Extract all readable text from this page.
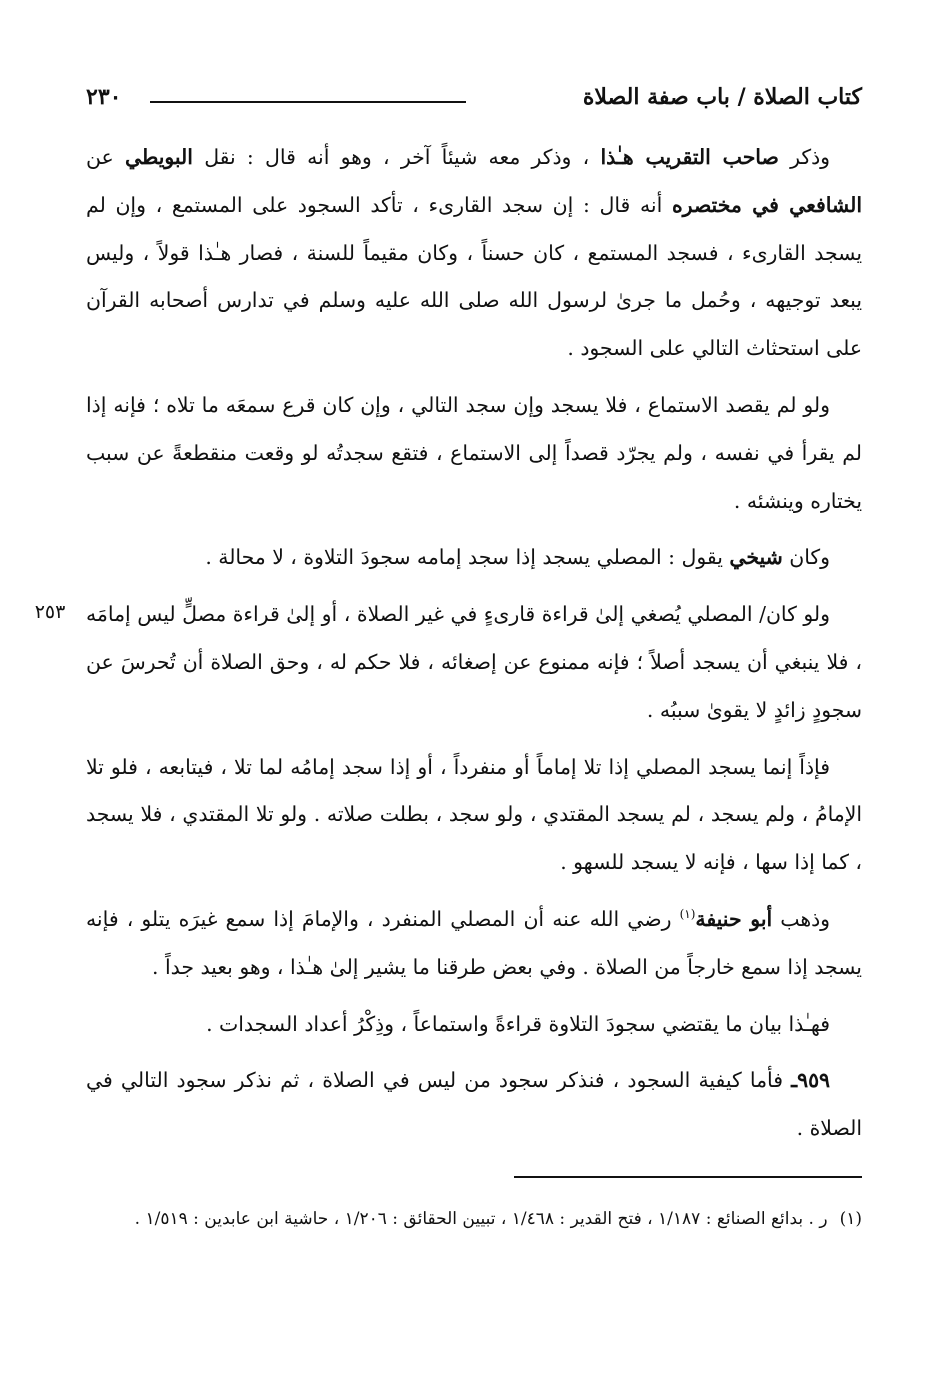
٢٣٠	كتاب الصلاة / باب صفة الصلاة
٢٥٣

وذكر صاحب التقريب هـٰذا ، وذكر معه شيئاً آخر ، وهو أنه قال : نقل البويطي عن الشافعي في مختصره أنه قال : إن سجد القارىء ، تأكد السجود على المستمع ، وإن لم يسجد القارىء ، فسجد المستمع ، كان حسناً ، وكان مقيماً للسنة ، فصار هـٰذا قولاً ، وليس يبعد توجيهه ، وحُمل ما جرىٰ لرسول الله صلى الله عليه وسلم في تدارس أصحابه القرآن على استحثاث التالي على السجود .

ولو لم يقصد الاستماع ، فلا يسجد وإن سجد التالي ، وإن كان قرع سمعَه ما تلاه ؛ فإنه إذا لم يقرأ في نفسه ، ولم يجرّد قصداً إلى الاستماع ، فتقع سجدتُه لو وقعت منقطعةً عن سبب يختاره وينشئه .

وكان شيخي يقول : المصلي يسجد إذا سجد إمامه سجودَ التلاوة ، لا محالة .

ولو كان/ المصلي يُصغي إلىٰ قراءة قارىءٍ في غير الصلاة ، أو إلىٰ قراءة مصلٍّ ليس إمامَه ، فلا ينبغي أن يسجد أصلاً ؛ فإنه ممنوع عن إصغائه ، فلا حكم له ، وحق الصلاة أن تُحرسَ عن سجودٍ زائدٍ لا يقوىٰ سببُه .

فإذاً إنما يسجد المصلي إذا تلا إماماً أو منفرداً ، أو إذا سجد إمامُه لما تلا ، فيتابعه ، فلو تلا الإمامُ ، ولم يسجد ، لم يسجد المقتدي ، ولو سجد ، بطلت صلاته . ولو تلا المقتدي ، فلا يسجد ، كما إذا سها ، فإنه لا يسجد للسهو .

وذهب أبو حنيفة$^{(١)}$ رضي الله عنه أن المصلي المنفرد ، والإمامَ إذا سمع غيرَه يتلو ، فإنه يسجد إذا سمع خارجاً من الصلاة . وفي بعض طرقنا ما يشير إلىٰ هـٰذا ، وهو بعيد جداً .

فهـٰذا بيان ما يقتضي سجودَ التلاوة قراءةً واستماعاً ، وذِكْرُ أعداد السجدات .

٩٥٩ـ فأما كيفية السجود ، فنذكر سجود من ليس في الصلاة ، ثم نذكر سجود التالي في الصلاة .

(١)ر . بدائع الصنائع : ١/١٨٧ ، فتح القدير : ١/٤٦٨ ، تبيين الحقائق : ١/٢٠٦ ، حاشية ابن عابدين : ١/٥١٩ .
